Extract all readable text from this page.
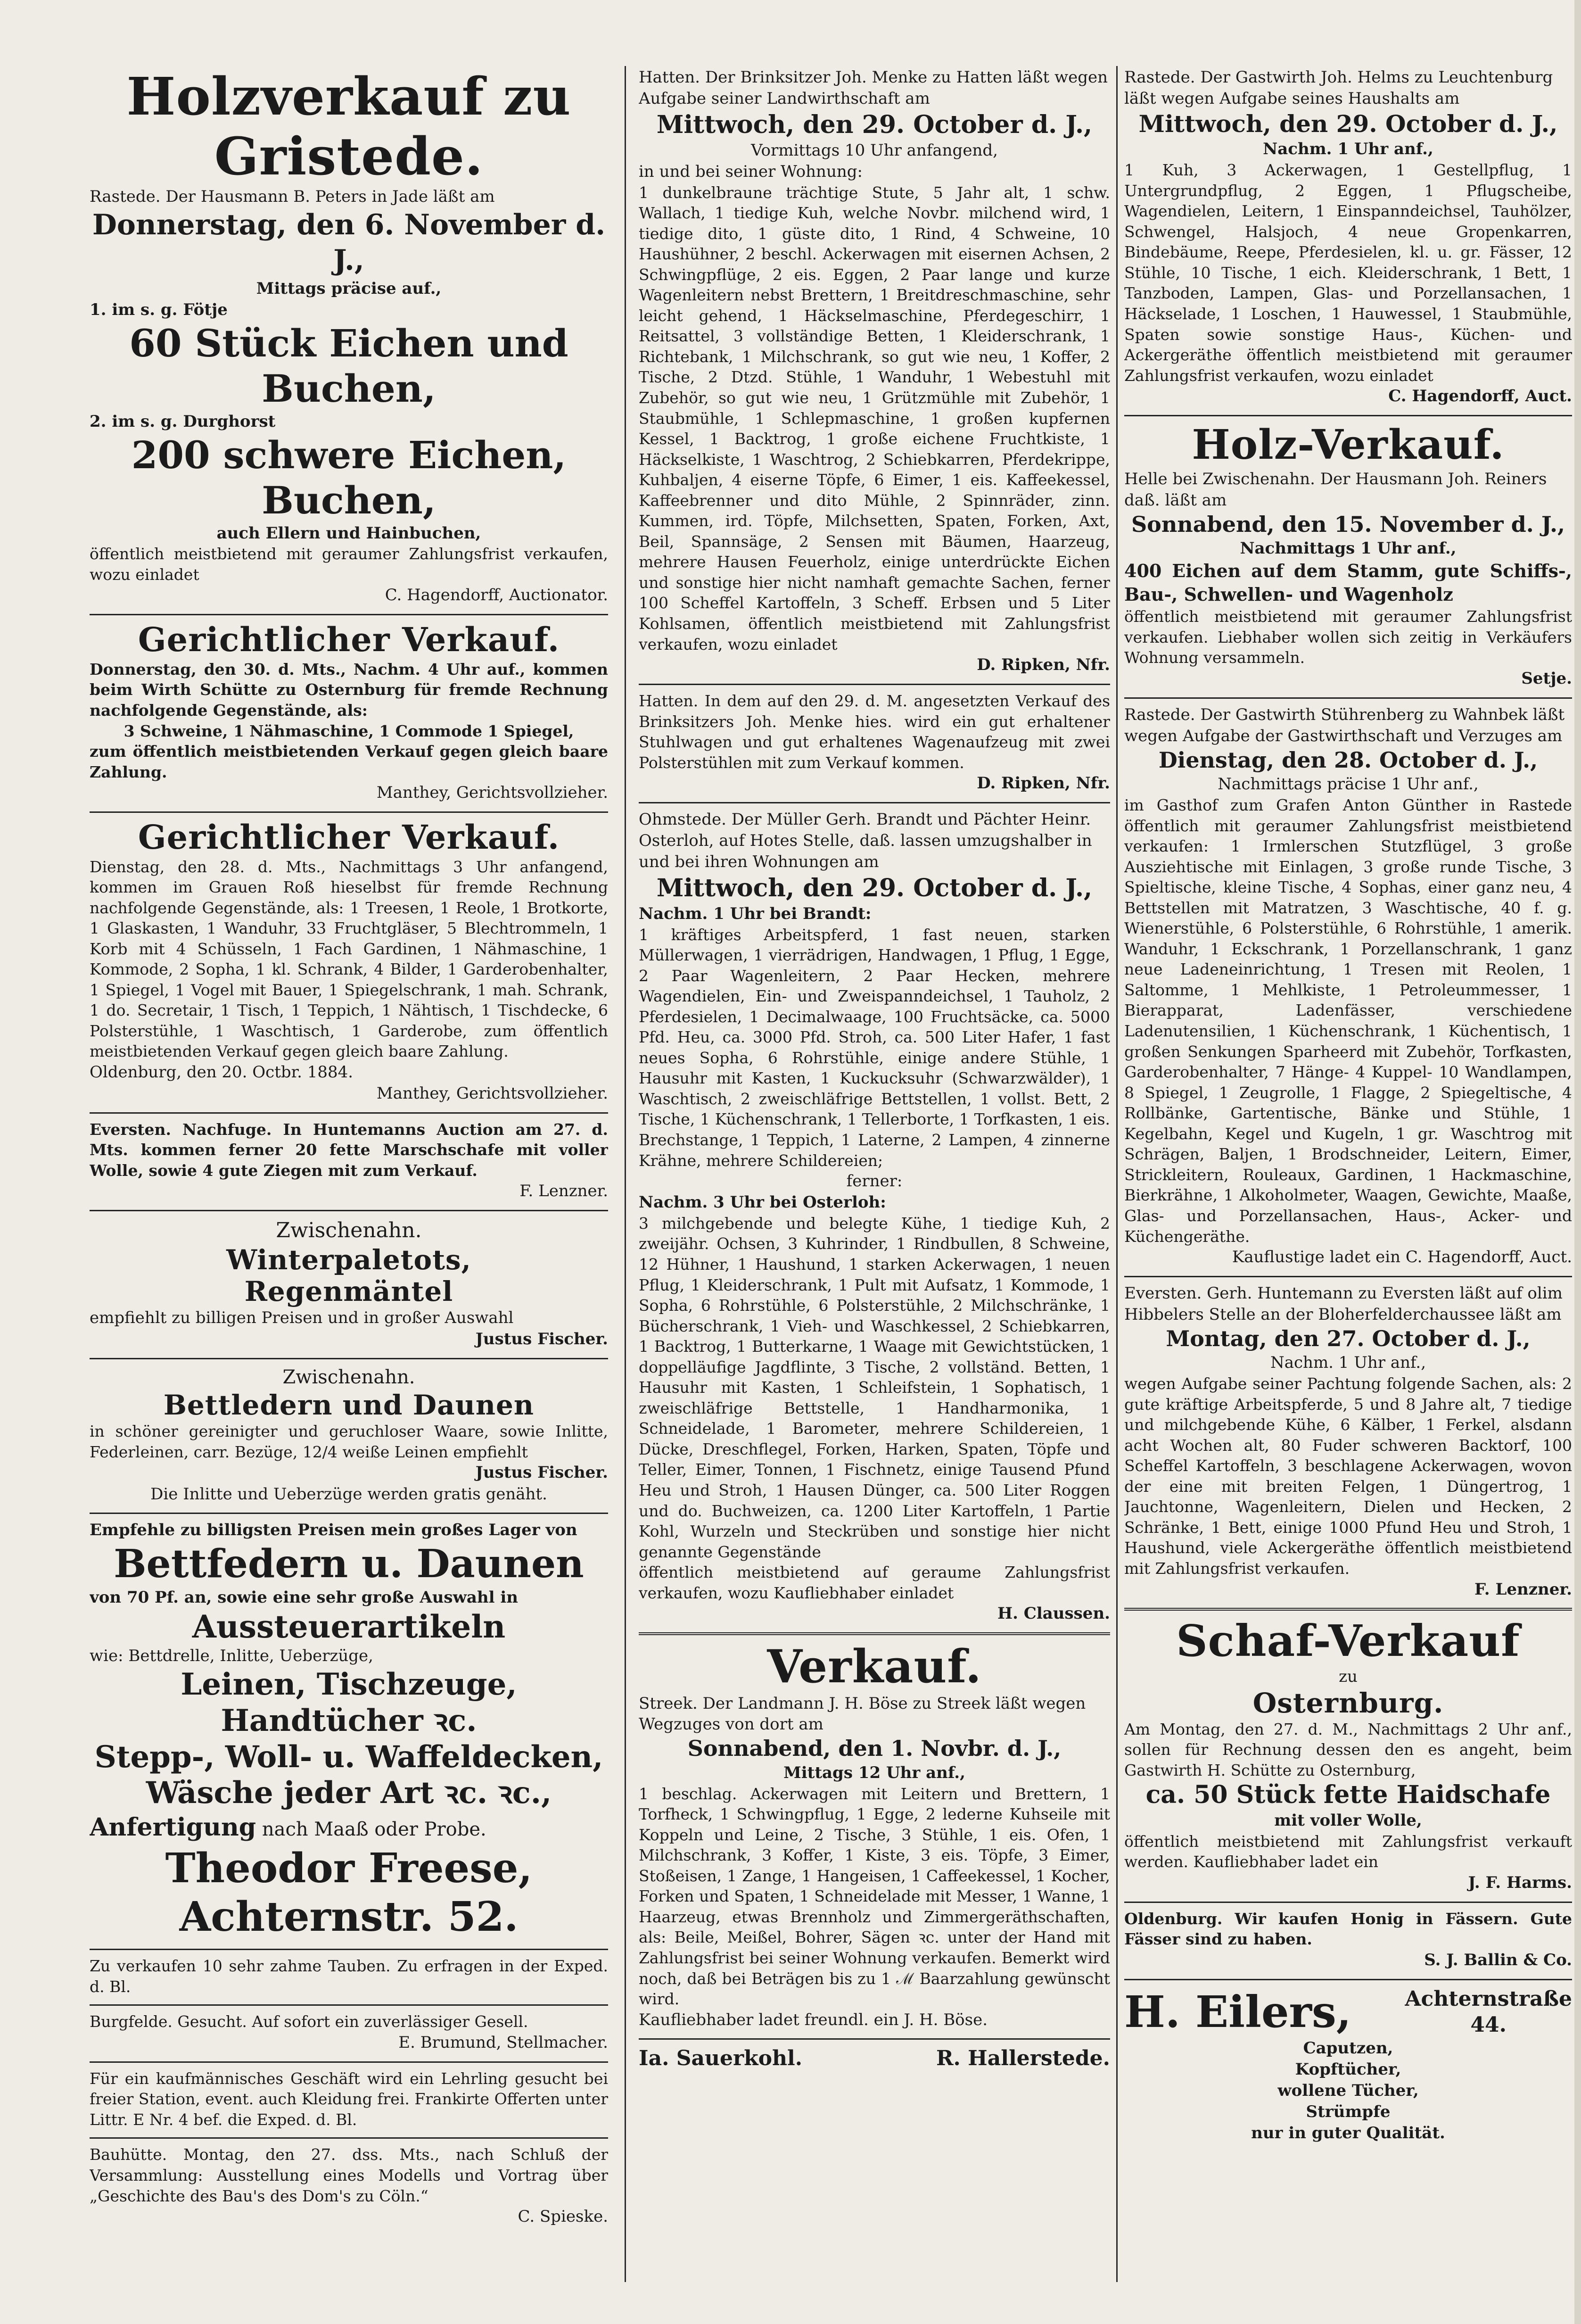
Holzverkauf zu Gristede.
Rastede. Der Hausmann B. Peters in Jade läßt am
Donnerstag, den 6. November d. J.,
Mittags präcise auf.,
1. im s. g. Fötje
60 Stück Eichen und Buchen,
2. im s. g. Durghorst
200 schwere Eichen, Buchen,
auch Ellern und Hainbuchen,
öffentlich meistbietend mit geraumer Zahlungsfrist verkaufen, wozu einladet
C. Hagendorff, Auctionator.
Gerichtlicher Verkauf.
Donnerstag, den 30. d. Mts., Nachm. 4 Uhr auf., kommen beim Wirth Schütte zu Osternburg für fremde Rechnung nachfolgende Gegenstände, als:
3 Schweine, 1 Nähmaschine, 1 Commode 1 Spiegel,
zum öffentlich meistbietenden Verkauf gegen gleich baare Zahlung.
Manthey, Gerichtsvollzieher.
Gerichtlicher Verkauf.
Dienstag, den 28. d. Mts., Nachmittags 3 Uhr anfangend, kommen im Grauen Roß hieselbst für fremde Rechnung nachfolgende Gegenstände, als: 1 Treesen, 1 Reole, 1 Brotkorte, 1 Glaskasten, 1 Wanduhr, 33 Fruchtgläser, 5 Blechtrommeln, 1 Korb mit 4 Schüsseln, 1 Fach Gardinen, 1 Nähmaschine, 1 Kommode, 2 Sopha, 1 kl. Schrank, 4 Bilder, 1 Garderobenhalter, 1 Spiegel, 1 Vogel mit Bauer, 1 Spiegelschrank, 1 mah. Schrank, 1 do. Secretair, 1 Tisch, 1 Teppich, 1 Nähtisch, 1 Tischdecke, 6 Polsterstühle, 1 Waschtisch, 1 Garderobe, zum öffentlich meistbietenden Verkauf gegen gleich baare Zahlung.
Oldenburg, den 20. Octbr. 1884.
Manthey, Gerichtsvollzieher.
Eversten. Nachfuge. In Huntemanns Auction am 27. d. Mts. kommen ferner 20 fette Marschschafe mit voller Wolle, sowie 4 gute Ziegen mit zum Verkauf.
F. Lenzner.
Zwischenahn.
Winterpaletots,
Regenmäntel
empfiehlt zu billigen Preisen und in großer Auswahl
Justus Fischer.
Zwischenahn.
Bettledern und Daunen
in schöner gereinigter und geruchloser Waare, sowie Inlitte, Federleinen, carr. Bezüge, 12/4 weiße Leinen empfiehlt
Justus Fischer.
Die Inlitte und Ueberzüge werden gratis genäht.
Empfehle zu billigsten Preisen mein großes Lager von
Bettfedern u. Daunen
von 70 Pf. an, sowie eine sehr große Auswahl in
Aussteuerartikeln
wie: Bettdrelle, Inlitte, Ueberzüge,
Leinen, Tischzeuge, Handtücher ꝛc.
Stepp-, Woll- u. Waffeldecken,
Wäsche jeder Art ꝛc. ꝛc.,
Anfertigung nach Maaß oder Probe.
Theodor Freese,
Achternstr. 52.
Zu verkaufen 10 sehr zahme Tauben. Zu erfragen in der Exped. d. Bl.
Burgfelde. Gesucht. Auf sofort ein zuverlässiger Gesell.
E. Brumund, Stellmacher.
Für ein kaufmännisches Geschäft wird ein Lehrling gesucht bei freier Station, event. auch Kleidung frei. Frankirte Offerten unter Littr. E Nr. 4 bef. die Exped. d. Bl.
Bauhütte. Montag, den 27. dss. Mts., nach Schluß der Versammlung: Ausstellung eines Modells und Vortrag über „Geschichte des Bau's des Dom's zu Cöln.“
C. Spieske.
Hatten. Der Brinksitzer Joh. Menke zu Hatten läßt wegen Aufgabe seiner Landwirthschaft am
Mittwoch, den 29. October d. J.,
Vormittags 10 Uhr anfangend,
in und bei seiner Wohnung:
1 dunkelbraune trächtige Stute, 5 Jahr alt, 1 schw. Wallach, 1 tiedige Kuh, welche Novbr. milchend wird, 1 tiedige dito, 1 güste dito, 1 Rind, 4 Schweine, 10 Haushühner, 2 beschl. Ackerwagen mit eisernen Achsen, 2 Schwingpflüge, 2 eis. Eggen, 2 Paar lange und kurze Wagenleitern nebst Brettern, 1 Breitdreschmaschine, sehr leicht gehend, 1 Häckselmaschine, Pferdegeschirr, 1 Reitsattel, 3 vollständige Betten, 1 Kleiderschrank, 1 Richtebank, 1 Milchschrank, so gut wie neu, 1 Koffer, 2 Tische, 2 Dtzd. Stühle, 1 Wanduhr, 1 Webestuhl mit Zubehör, so gut wie neu, 1 Grützmühle mit Zubehör, 1 Staubmühle, 1 Schlepmaschine, 1 großen kupfernen Kessel, 1 Backtrog, 1 große eichene Fruchtkiste, 1 Häckselkiste, 1 Waschtrog, 2 Schiebkarren, Pferdekrippe, Kuhbaljen, 4 eiserne Töpfe, 6 Eimer, 1 eis. Kaffeekessel, Kaffeebrenner und dito Mühle, 2 Spinnräder, zinn. Kummen, ird. Töpfe, Milchsetten, Spaten, Forken, Axt, Beil, Spannsäge, 2 Sensen mit Bäumen, Haarzeug, mehrere Hausen Feuerholz, einige unterdrückte Eichen und sonstige hier nicht namhaft gemachte Sachen, ferner 100 Scheffel Kartoffeln, 3 Scheff. Erbsen und 5 Liter Kohlsamen, öffentlich meistbietend mit Zahlungsfrist verkaufen, wozu einladet
D. Ripken, Nfr.
Hatten. In dem auf den 29. d. M. angesetzten Verkauf des Brinksitzers Joh. Menke hies. wird ein gut erhaltener Stuhlwagen und gut erhaltenes Wagenaufzeug mit zwei Polsterstühlen mit zum Verkauf kommen.
D. Ripken, Nfr.
Ohmstede. Der Müller Gerh. Brandt und Pächter Heinr. Osterloh, auf Hotes Stelle, daß. lassen umzugshalber in und bei ihren Wohnungen am
Mittwoch, den 29. October d. J.,
Nachm. 1 Uhr bei Brandt:
1 kräftiges Arbeitspferd, 1 fast neuen, starken Müllerwagen, 1 vierrädrigen, Handwagen, 1 Pflug, 1 Egge, 2 Paar Wagenleitern, 2 Paar Hecken, mehrere Wagendielen, Ein- und Zweispanndeichsel, 1 Tauholz, 2 Pferdesielen, 1 Decimalwaage, 100 Fruchtsäcke, ca. 5000 Pfd. Heu, ca. 3000 Pfd. Stroh, ca. 500 Liter Hafer, 1 fast neues Sopha, 6 Rohrstühle, einige andere Stühle, 1 Hausuhr mit Kasten, 1 Kuckucksuhr (Schwarzwälder), 1 Waschtisch, 2 zweischläfrige Bettstellen, 1 vollst. Bett, 2 Tische, 1 Küchenschrank, 1 Tellerborte, 1 Torfkasten, 1 eis. Brechstange, 1 Teppich, 1 Laterne, 2 Lampen, 4 zinnerne Krähne, mehrere Schildereien;
ferner:
Nachm. 3 Uhr bei Osterloh:
3 milchgebende und belegte Kühe, 1 tiedige Kuh, 2 zweijähr. Ochsen, 3 Kuhrinder, 1 Rindbullen, 8 Schweine, 12 Hühner, 1 Haushund, 1 starken Ackerwagen, 1 neuen Pflug, 1 Kleiderschrank, 1 Pult mit Aufsatz, 1 Kommode, 1 Sopha, 6 Rohrstühle, 6 Polsterstühle, 2 Milchschränke, 1 Bücherschrank, 1 Vieh- und Waschkessel, 2 Schiebkarren, 1 Backtrog, 1 Butterkarne, 1 Waage mit Gewichtstücken, 1 doppelläufige Jagdflinte, 3 Tische, 2 vollständ. Betten, 1 Hausuhr mit Kasten, 1 Schleifstein, 1 Sophatisch, 1 zweischläfrige Bettstelle, 1 Handharmonika, 1 Schneidelade, 1 Barometer, mehrere Schildereien, 1 Dücke, Dreschflegel, Forken, Harken, Spaten, Töpfe und Teller, Eimer, Tonnen, 1 Fischnetz, einige Tausend Pfund Heu und Stroh, 1 Hausen Dünger, ca. 500 Liter Roggen und do. Buchweizen, ca. 1200 Liter Kartoffeln, 1 Partie Kohl, Wurzeln und Steckrüben und sonstige hier nicht genannte Gegenstände
öffentlich meistbietend auf geraume Zahlungsfrist verkaufen, wozu Kaufliebhaber einladet
H. Claussen.
Verkauf.
Streek. Der Landmann J. H. Böse zu Streek läßt wegen Wegzuges von dort am
Sonnabend, den 1. Novbr. d. J.,
Mittags 12 Uhr anf.,
1 beschlag. Ackerwagen mit Leitern und Brettern, 1 Torfheck, 1 Schwingpflug, 1 Egge, 2 lederne Kuhseile mit Koppeln und Leine, 2 Tische, 3 Stühle, 1 eis. Ofen, 1 Milchschrank, 3 Koffer, 1 Kiste, 3 eis. Töpfe, 3 Eimer, Stoßeisen, 1 Zange, 1 Hangeisen, 1 Caffeekessel, 1 Kocher, Forken und Spaten, 1 Schneidelade mit Messer, 1 Wanne, 1 Haarzeug, etwas Brennholz und Zimmergeräthschaften, als: Beile, Meißel, Bohrer, Sägen ꝛc. unter der Hand mit Zahlungsfrist bei seiner Wohnung verkaufen. Bemerkt wird noch, daß bei Beträgen bis zu 1 ℳ Baarzahlung gewünscht wird.
Kaufliebhaber ladet freundl. ein J. H. Böse.
Ia. Sauerkohl.	R. Hallerstede.
Rastede. Der Gastwirth Joh. Helms zu Leuchtenburg läßt wegen Aufgabe seines Haushalts am
Mittwoch, den 29. October d. J.,
Nachm. 1 Uhr anf.,
1 Kuh, 3 Ackerwagen, 1 Gestellpflug, 1 Untergrundpflug, 2 Eggen, 1 Pflugscheibe, Wagendielen, Leitern, 1 Einspanndeichsel, Tauhölzer, Schwengel, Halsjoch, 4 neue Gropenkarren, Bindebäume, Reepe, Pferdesielen, kl. u. gr. Fässer, 12 Stühle, 10 Tische, 1 eich. Kleiderschrank, 1 Bett, 1 Tanzboden, Lampen, Glas- und Porzellansachen, 1 Häckselade, 1 Loschen, 1 Hauwessel, 1 Staubmühle, Spaten sowie sonstige Haus-, Küchen- und Ackergeräthe öffentlich meistbietend mit geraumer Zahlungsfrist verkaufen, wozu einladet
C. Hagendorff, Auct.
Holz-Verkauf.
Helle bei Zwischenahn. Der Hausmann Joh. Reiners daß. läßt am
Sonnabend, den 15. November d. J.,
Nachmittags 1 Uhr anf.,
400 Eichen auf dem Stamm, gute Schiffs-, Bau-, Schwellen- und Wagenholz
öffentlich meistbietend mit geraumer Zahlungsfrist verkaufen. Liebhaber wollen sich zeitig in Verkäufers Wohnung versammeln.
Setje.
Rastede. Der Gastwirth Stührenberg zu Wahnbek läßt wegen Aufgabe der Gastwirthschaft und Verzuges am
Dienstag, den 28. October d. J.,
Nachmittags präcise 1 Uhr anf.,
im Gasthof zum Grafen Anton Günther in Rastede öffentlich mit geraumer Zahlungsfrist meistbietend verkaufen: 1 Irmlerschen Stutzflügel, 3 große Ausziehtische mit Einlagen, 3 große runde Tische, 3 Spieltische, kleine Tische, 4 Sophas, einer ganz neu, 4 Bettstellen mit Matratzen, 3 Waschtische, 40 f. g. Wienerstühle, 6 Polsterstühle, 6 Rohrstühle, 1 amerik. Wanduhr, 1 Eckschrank, 1 Porzellanschrank, 1 ganz neue Ladeneinrichtung, 1 Tresen mit Reolen, 1 Saltomme, 1 Mehlkiste, 1 Petroleummesser, 1 Bierapparat, Ladenfässer, verschiedene Ladenutensilien, 1 Küchenschrank, 1 Küchentisch, 1 großen Senkungen Sparheerd mit Zubehör, Torfkasten, Garderobenhalter, 7 Hänge- 4 Kuppel- 10 Wandlampen, 8 Spiegel, 1 Zeugrolle, 1 Flagge, 2 Spiegeltische, 4 Rollbänke, Gartentische, Bänke und Stühle, 1 Kegelbahn, Kegel und Kugeln, 1 gr. Waschtrog mit Schrägen, Baljen, 1 Brodschneider, Leitern, Eimer, Strickleitern, Rouleaux, Gardinen, 1 Hackmaschine, Bierkrähne, 1 Alkoholmeter, Waagen, Gewichte, Maaße, Glas- und Porzellansachen, Haus-, Acker- und Küchengeräthe.
Kauflustige ladet ein C. Hagendorff, Auct.
Eversten. Gerh. Huntemann zu Eversten läßt auf olim Hibbelers Stelle an der Bloherfelderchaussee läßt am
Montag, den 27. October d. J.,
Nachm. 1 Uhr anf.,
wegen Aufgabe seiner Pachtung folgende Sachen, als: 2 gute kräftige Arbeitspferde, 5 und 8 Jahre alt, 7 tiedige und milchgebende Kühe, 6 Kälber, 1 Ferkel, alsdann acht Wochen alt, 80 Fuder schweren Backtorf, 100 Scheffel Kartoffeln, 3 beschlagene Ackerwagen, wovon der eine mit breiten Felgen, 1 Düngertrog, 1 Jauchtonne, Wagenleitern, Dielen und Hecken, 2 Schränke, 1 Bett, einige 1000 Pfund Heu und Stroh, 1 Haushund, viele Ackergeräthe öffentlich meistbietend mit Zahlungsfrist verkaufen.
F. Lenzner.
Schaf-Verkauf
zu
Osternburg.
Am Montag, den 27. d. M., Nachmittags 2 Uhr anf., sollen für Rechnung dessen den es angeht, beim Gastwirth H. Schütte zu Osternburg,
ca. 50 Stück fette Haidschafe
mit voller Wolle,
öffentlich meistbietend mit Zahlungsfrist verkauft werden. Kaufliebhaber ladet ein
J. F. Harms.
Oldenburg. Wir kaufen Honig in Fässern. Gute Fässer sind zu haben.
S. J. Ballin & Co.
H. Eilers,	Achternstraße
44.
Caputzen,
Kopftücher,
wollene Tücher,
Strümpfe
nur in guter Qualität.
